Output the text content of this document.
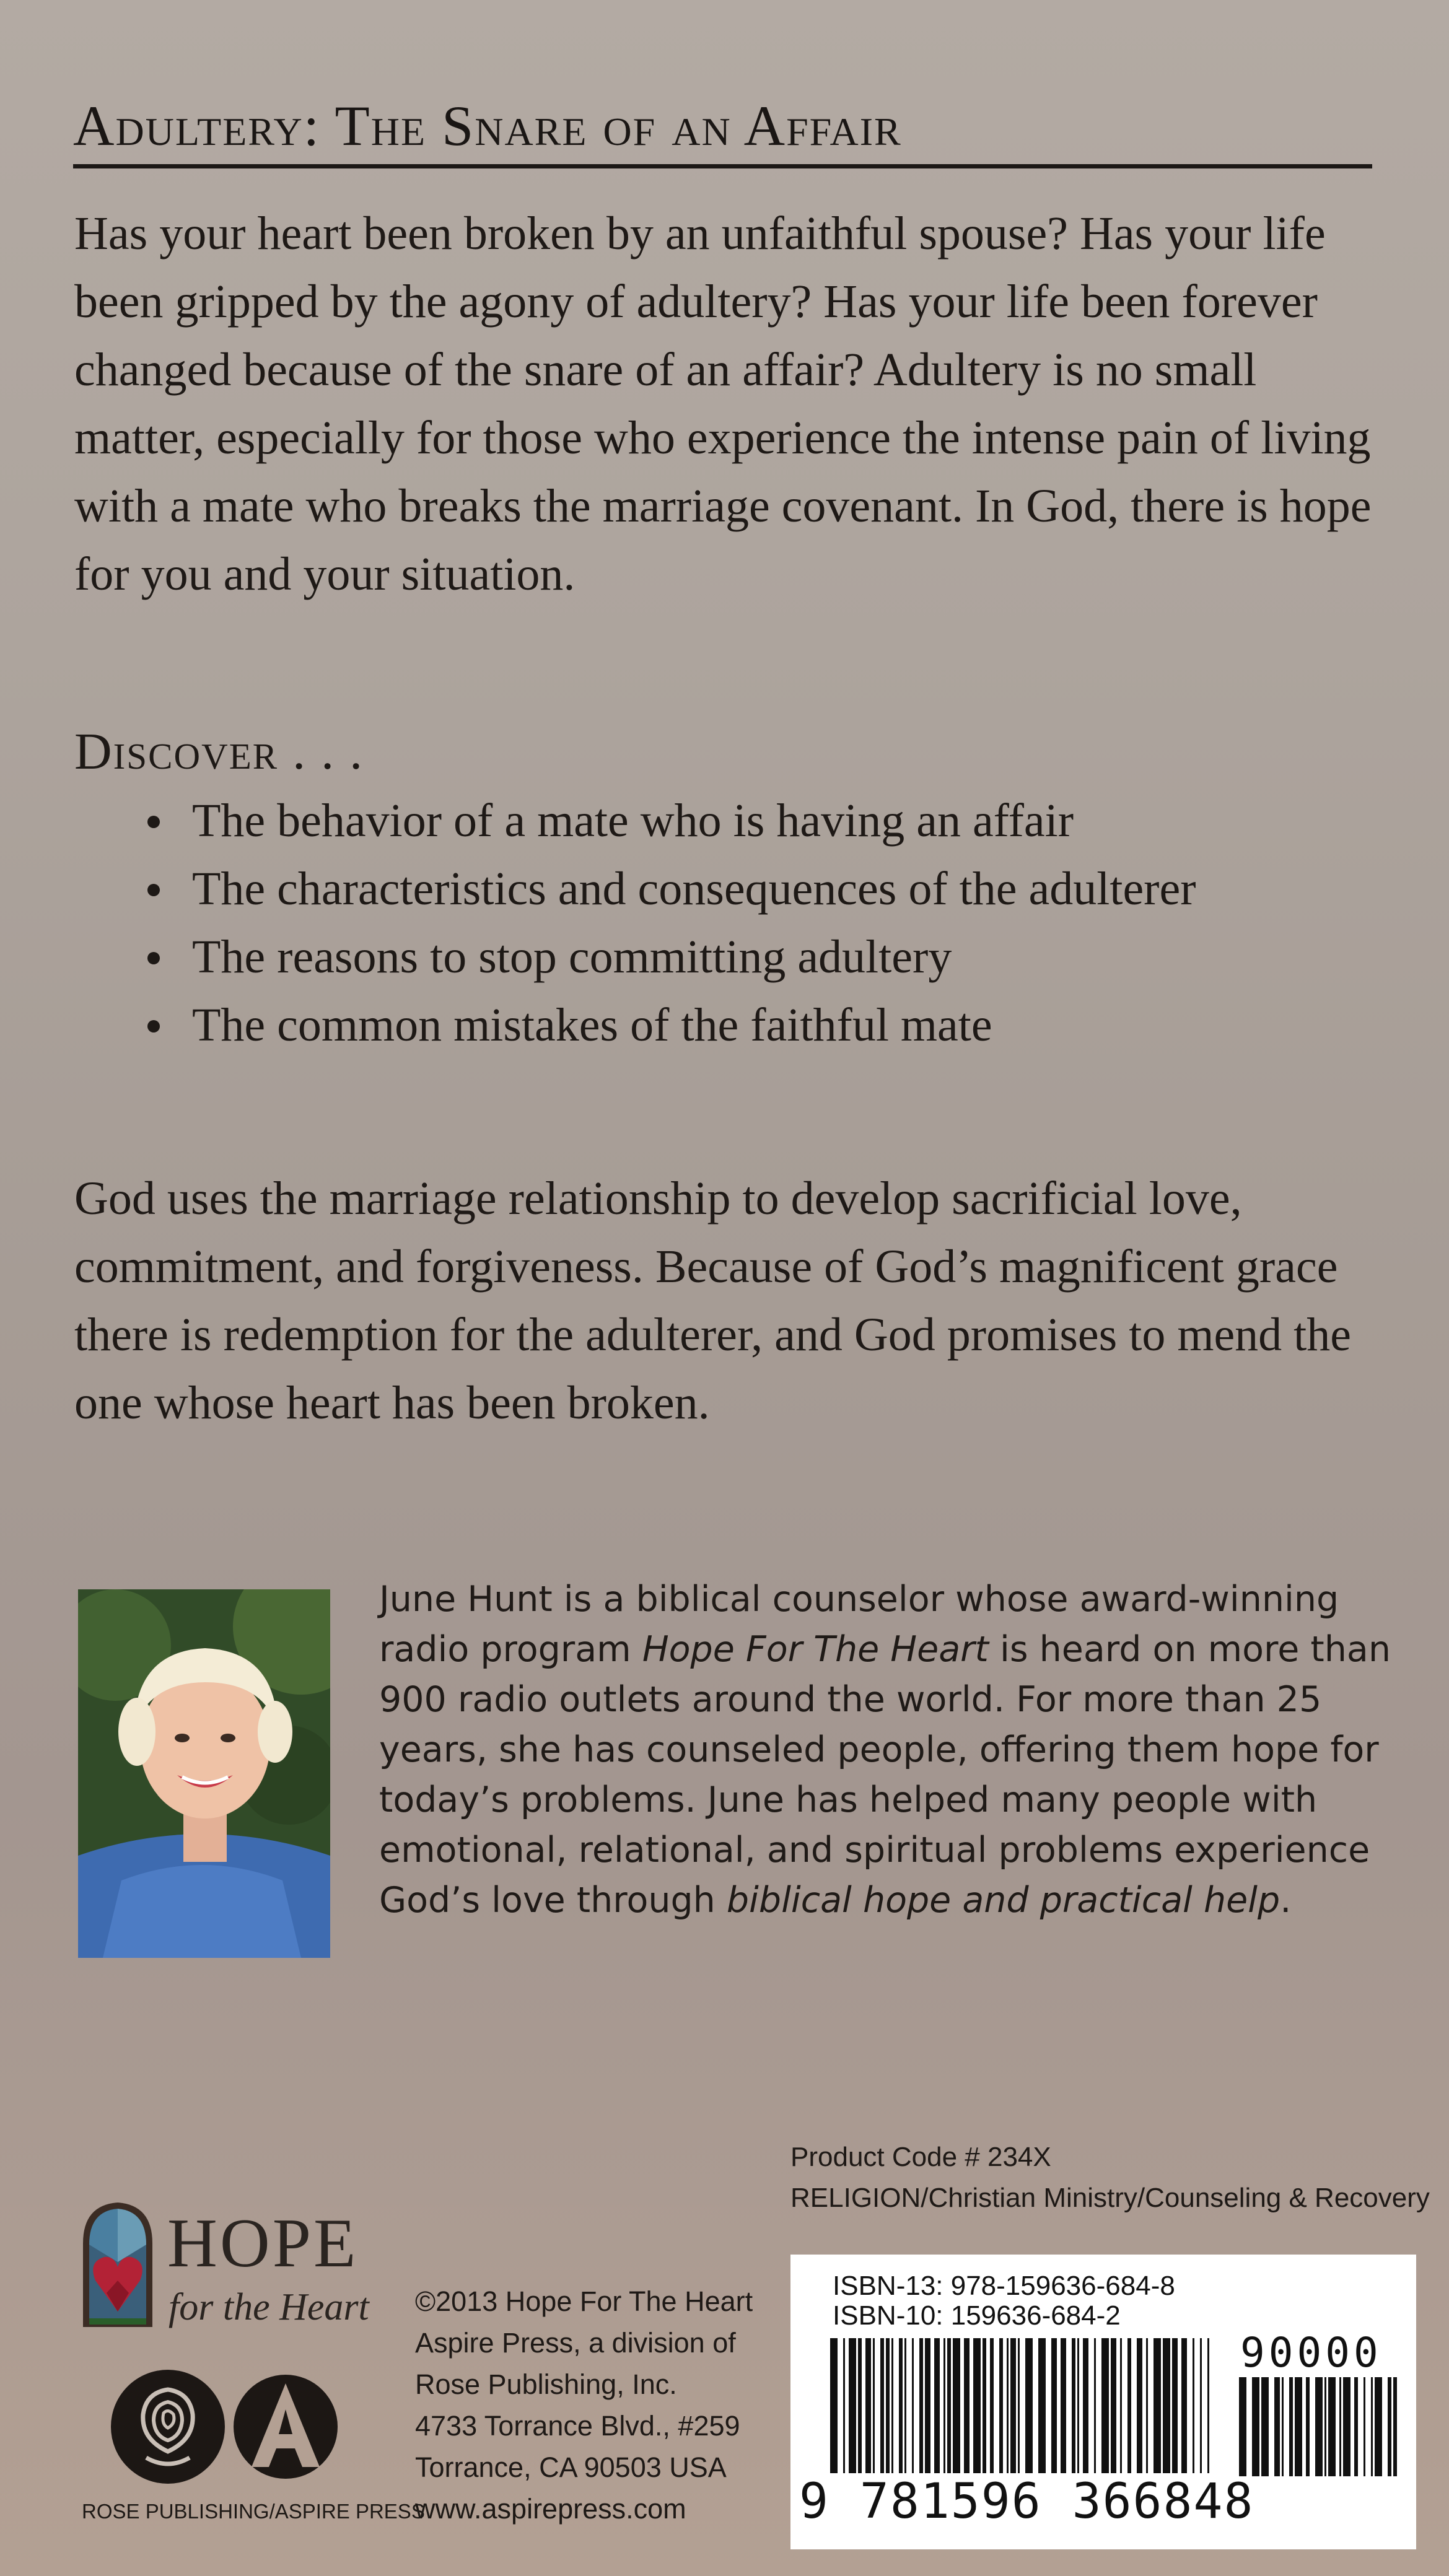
Adultery: The Snare of an Affair
Has your heart been broken by an unfaithful spouse? Has your life been gripped by the agony of adultery? Has your life been forever changed because of the snare of an affair? Adultery is no small matter, especially for those who experience the intense pain of living with a mate who breaks the marriage covenant. In God, there is hope for you and your situation.
Discover . . .
The behavior of a mate who is having an affair
The characteristics and consequences of the adulterer
The reasons to stop committing adultery
The common mistakes of the faithful mate
God uses the marriage relationship to develop sacrificial love, commitment, and forgiveness. Because of God’s magnificent grace there is redemption for the adulterer, and God promises to mend the one whose heart has been broken.
June Hunt is a biblical counselor whose award-winning radio program Hope For The Heart is heard on more than 900 radio outlets around the world. For more than 25 years, she has counseled people, offering them hope for today’s problems. June has helped many people with emotional, relational, and spiritual problems experience God’s love through biblical hope and practical help.
Product Code # 234X
RELIGION/Christian Ministry/Counseling & Recovery
HOPE
for the Heart
ROSE PUBLISHING/ASPIRE PRESS
©2013 Hope For The Heart
Aspire Press, a division of
Rose Publishing, Inc.
4733 Torrance Blvd., #259
Torrance, CA 90503 USA
www.aspirepress.com
ISBN-13: 978-159636-684-8
ISBN-10: 159636-684-2
90000
9 781596 366848
